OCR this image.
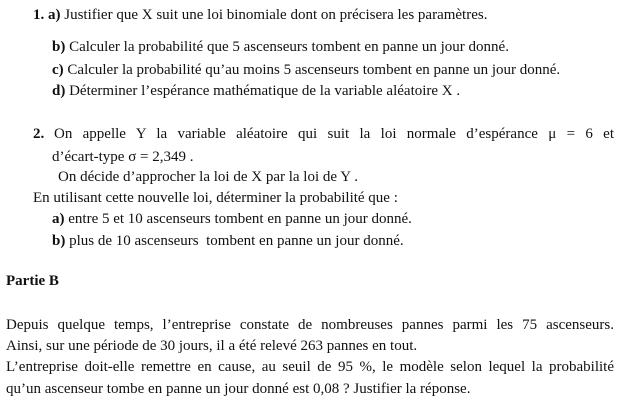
1. a) Justifier que X suit une loi binomiale dont on précisera les paramètres.
b) Calculer la probabilité que 5 ascenseurs tombent en panne un jour donné.
c) Calculer la probabilité qu’au moins 5 ascenseurs tombent en panne un jour donné.
d) Déterminer l’espérance mathématique de la variable aléatoire X .
2. On appelle Y la variable aléatoire qui suit la loi normale d’espérance μ = 6 et
d’écart-type σ = 2,349 .
On décide d’approcher la loi de X par la loi de Y .
En utilisant cette nouvelle loi, déterminer la probabilité que :
a) entre 5 et 10 ascenseurs tombent en panne un jour donné.
b) plus de 10 ascenseurs  tombent en panne un jour donné.
Partie B
Depuis quelque temps, l’entreprise constate de nombreuses pannes parmi les 75 ascenseurs.
Ainsi, sur une période de 30 jours, il a été relevé 263 pannes en tout.
L’entreprise doit-elle remettre en cause, au seuil de 95 %, le modèle selon lequel la probabilité
qu’un ascenseur tombe en panne un jour donné est 0,08 ? Justifier la réponse.
